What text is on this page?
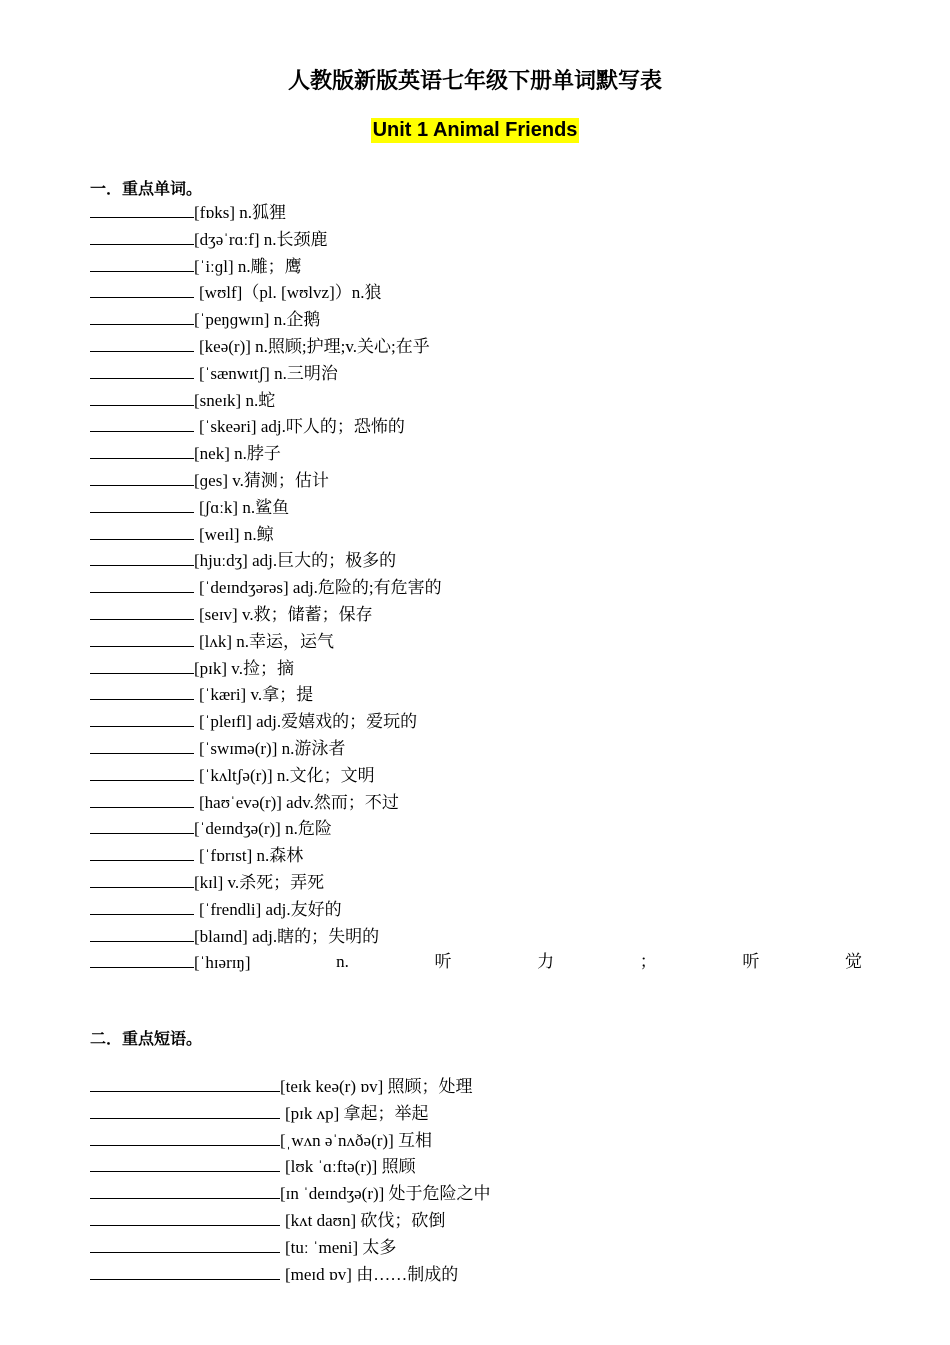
人教版新版英语七年级下册单词默写表
Unit 1 Animal Friends
一．重点单词。
[fɒks] n.狐狸
[dʒəˈrɑːf] n.长颈鹿
[ˈiːɡl] n.雕；鹰
[wʊlf]（pl. [wʊlvz]）n.狼
[ˈpeŋɡwɪn] n.企鹅
[keə(r)] n.照顾;护理;v.关心;在乎
[ˈsænwɪtʃ] n.三明治
[sneɪk] n.蛇
[ˈskeəri] adj.吓人的；恐怖的
[nek] n.脖子
[ɡes] v.猜测；估计
[ʃɑːk] n.鲨鱼
[weɪl] n.鲸
[hjuːdʒ] adj.巨大的；极多的
[ˈdeɪndʒərəs] adj.危险的;有危害的
[seɪv] v.救；储蓄；保存
[lʌk] n.幸运，运气
[pɪk] v.捡；摘
[ˈkæri] v.拿；提
[ˈpleɪfl] adj.爱嬉戏的；爱玩的
[ˈswɪmə(r)] n.游泳者
[ˈkʌltʃə(r)] n.文化；文明
[haʊˈevə(r)] adv.然而；不过
[ˈdeɪndʒə(r)] n.危险
[ˈfɒrɪst] n.森林
[kɪl] v.杀死；弄死
[ˈfrendli] adj.友好的
[blaɪnd] adj.瞎的；失明的
[ˈhɪərɪŋ]	n.	听	力	；	听	觉
二．重点短语。
[teɪk keə(r) ɒv] 照顾；处理
[pɪk ʌp] 拿起；举起
[ˌwʌn əˈnʌðə(r)] 互相
[lʊk ˈɑːftə(r)] 照顾
[ɪn ˈdeɪndʒə(r)] 处于危险之中
[kʌt daʊn] 砍伐；砍倒
[tuː ˈmeni] 太多
[meɪd ɒv] 由……制成的
